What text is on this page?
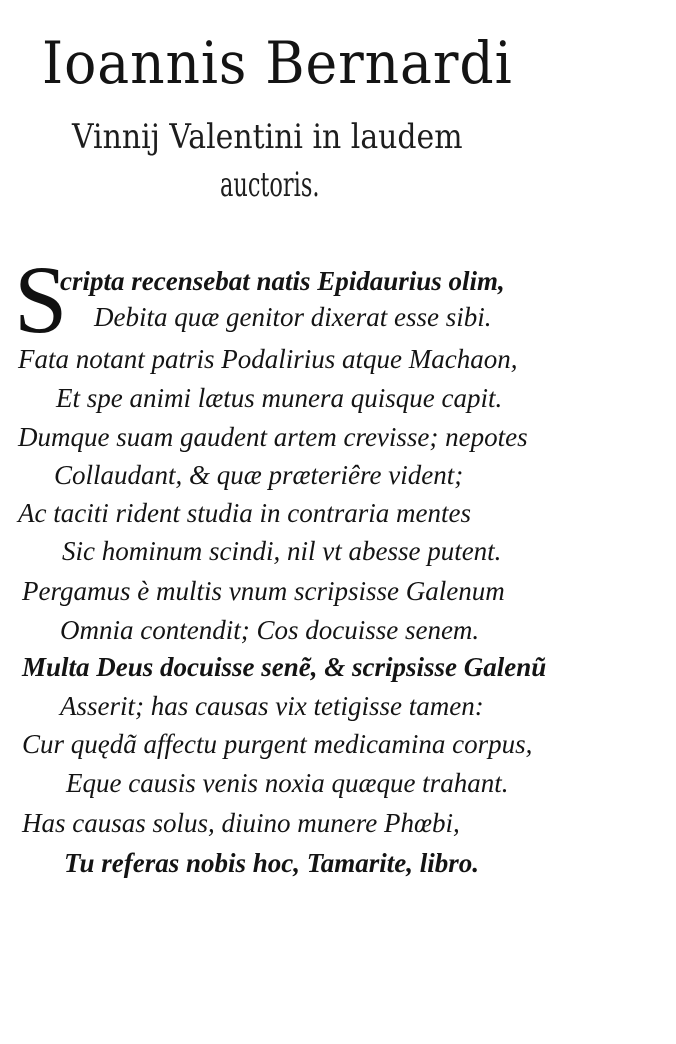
Ioannis Bernardi
Vinnij Valentini in laudem
auctoris.
S
cripta recensebat natis Epidaurius olim,
Debita quæ genitor dixerat esse sibi.
Fata notant patris Podalirius atque Machaon,
Et spe animi lætus munera quisque capit.
Dumque suam gaudent artem crevisse; nepotes
Collaudant, & quæ præteriêre vident;
Ac taciti rident studia in contraria mentes
Sic hominum scindi, nil vt abesse putent.
Pergamus è multis vnum scripsisse Galenum
Omnia contendit; Cos docuisse senem.
Multa Deus docuisse senẽ, & scripsisse Galenũ
Asserit; has causas vix tetigisse tamen:
Cur quędã affectu purgent medicamina corpus,
Eque causis venis noxia quæque trahant.
Has causas solus, diuino munere Phœbi,
Tu referas nobis hoc, Tamarite, libro.
